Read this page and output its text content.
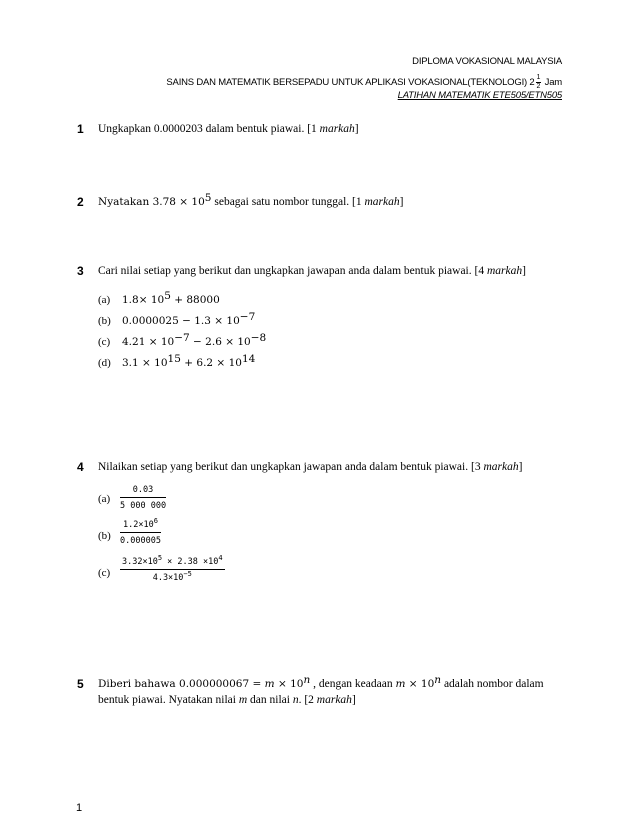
DIPLOMA VOKASIONAL MALAYSIA
SAINS DAN MATEMATIK BERSEPADU UNTUK APLIKASI VOKASIONAL(TEKNOLOGI) $2 \frac{1}{2}$ Jam
LATIHAN MATEMATIK ETE505/ETN505
1 Ungkapkan 0.0000203 dalam bentuk piawai. [1 markah]
2 Nyatakan $3.78 \times 10^5$ sebagai satu nombor tunggal. [1 markah]
3 Cari nilai setiap yang berikut dan ungkapkan jawapan anda dalam bentuk piawai. [4 markah]
(a) $1.8\times 10^5 + 88000$
(b) $0.0000025 - 1.3 \times 10^{-7}$
(c) $4.21 \times 10^{-7} - 2.6 \times 10^{-8}$
(d) $3.1 \times 10^{15} + 6.2 \times 10^{14}$
4 Nilaikan setiap yang berikut dan ungkapkan jawapan anda dalam bentuk piawai. [3 markah]
$(a) \frac{0.03}{5 000 000}$
$(b) \frac{1.2\times 10^6}{0.000005}$
$(c) \frac{3.32\times 10^5 \times 2.38 \times 10^4}{4.3\times 10^{-5}}$
5 Diberi bahawa $0.000000067 = m \times 10^n$ , dengan keadaan $m \times 10^n$ adalah nombor dalam
bentuk piawai. Nyatakan nilai m dan nilai n. [2 markah]
1
